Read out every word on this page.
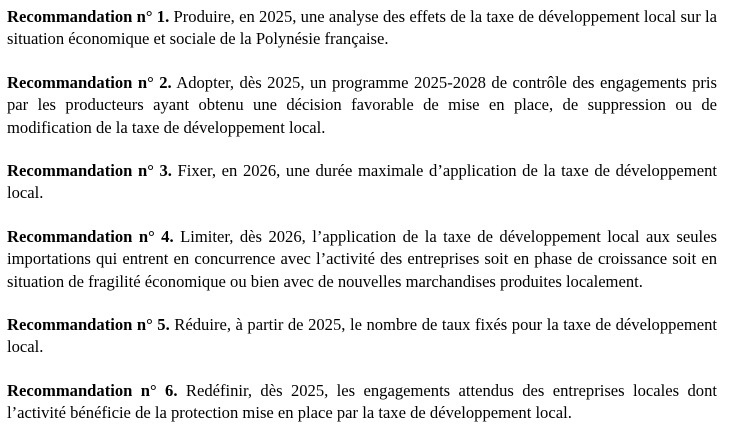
Recommandation n° 1. Produire, en 2025, une analyse des effets de la taxe de développement local sur la situation économique et sociale de la Polynésie française.

Recommandation n° 2. Adopter, dès 2025, un programme 2025-2028 de contrôle des engagements pris par les producteurs ayant obtenu une décision favorable de mise en place, de suppression ou de modification de la taxe de développement local.

Recommandation n° 3. Fixer, en 2026, une durée maximale d’application de la taxe de développement local.

Recommandation n° 4. Limiter, dès 2026, l’application de la taxe de développement local aux seules importations qui entrent en concurrence avec l’activité des entreprises soit en phase de croissance soit en situation de fragilité économique ou bien avec de nouvelles marchandises produites localement.

Recommandation n° 5. Réduire, à partir de 2025, le nombre de taux fixés pour la taxe de développement local.

Recommandation n° 6. Redéfinir, dès 2025, les engagements attendus des entreprises locales dont l’activité bénéficie de la protection mise en place par la taxe de développement local.
